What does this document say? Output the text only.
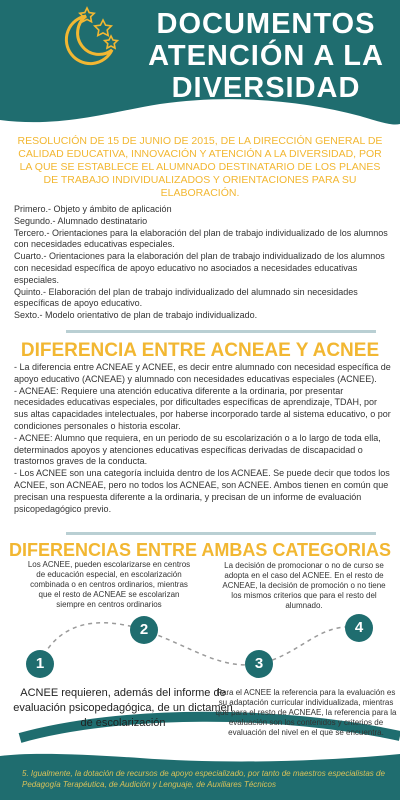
DOCUMENTOS
ATENCIÓN A LA
DIVERSIDAD
RESOLUCIÓN DE 15 DE JUNIO DE 2015, DE LA DIRECCIÓN GENERAL DE CALIDAD EDUCATIVA, INNOVACIÓN Y ATENCIÓN A LA DIVERSIDAD, POR LA QUE SE ESTABLECE EL ALUMNADO DESTINATARIO DE LOS PLANES DE TRABAJO INDIVIDUALIZADOS Y ORIENTACIONES PARA SU ELABORACIÓN.
Primero.- Objeto y ámbito de aplicación
Segundo.- Alumnado destinatario
Tercero.- Orientaciones para la elaboración del plan de trabajo individualizado de los alumnos con necesidades educativas especiales.
Cuarto.- Orientaciones para la elaboración del plan de trabajo individualizado de los alumnos con necesidad específica de apoyo educativo no asociados a necesidades educativas especiales.
Quinto.- Elaboración del plan de trabajo individualizado del alumnado sin necesidades específicas de apoyo educativo.
Sexto.- Modelo orientativo de plan de trabajo individualizado.
DIFERENCIA ENTRE ACNEAE Y ACNEE
- La diferencia entre ACNEAE y ACNEE, es decir entre alumnado con necesidad específica de apoyo educativo (ACNEAE) y alumnado con necesidades educativas especiales (ACNEE).
- ACNEAE: Requiere una atención educativa diferente a la ordinaria, por presentar necesidades educativas especiales, por dificultades específicas de aprendizaje, TDAH, por sus altas capacidades intelectuales, por haberse incorporado tarde al sistema educativo, o por condiciones personales o historia escolar.
- ACNEE: Alumno que requiera, en un periodo de su escolarización o a lo largo de toda ella, determinados apoyos y atenciones educativas específicas derivadas de discapacidad o trastornos graves de la conducta.
- Los ACNEE son una categoría incluida dentro de los ACNEAE. Se puede decir que todos los ACNEE, son ACNEAE, pero no todos los ACNEAE, son ACNEE. Ambos tienen en común que precisan una respuesta diferente a la ordinaria, y precisan de un informe de evaluación psicopedagógico previo.
DIFERENCIAS ENTRE AMBAS CATEGORIAS
Los ACNEE, pueden escolarizarse en centros de educación especial, en escolarización combinada o en centros ordinarios, mientras que el resto de ACNEAE se escolarizan siempre en centros ordinarios
La decisión de promocionar o no de curso se adopta en el caso del ACNEE. En el resto de ACNEAE, la decisión de promoción o no tiene los mismos criterios que para el resto del alumnado.
2	4
1	3
ACNEE requieren, además del informe de evaluación psicopedagógica, de un dictamen de escolarización
Para el ACNEE la referencia para la evaluación es su adaptación curricular individualizada, mientras que para el resto de ACNEAE, la referencia para la evaluación son los contenidos y criterios de evaluación del nivel en el que se encuentra.
5. Igualmente, la dotación de recursos de apoyo especializado, por tanto de maestros especialistas de Pedagogía Terapéutica, de Audición y Lenguaje, de Auxiliares Técnicos
